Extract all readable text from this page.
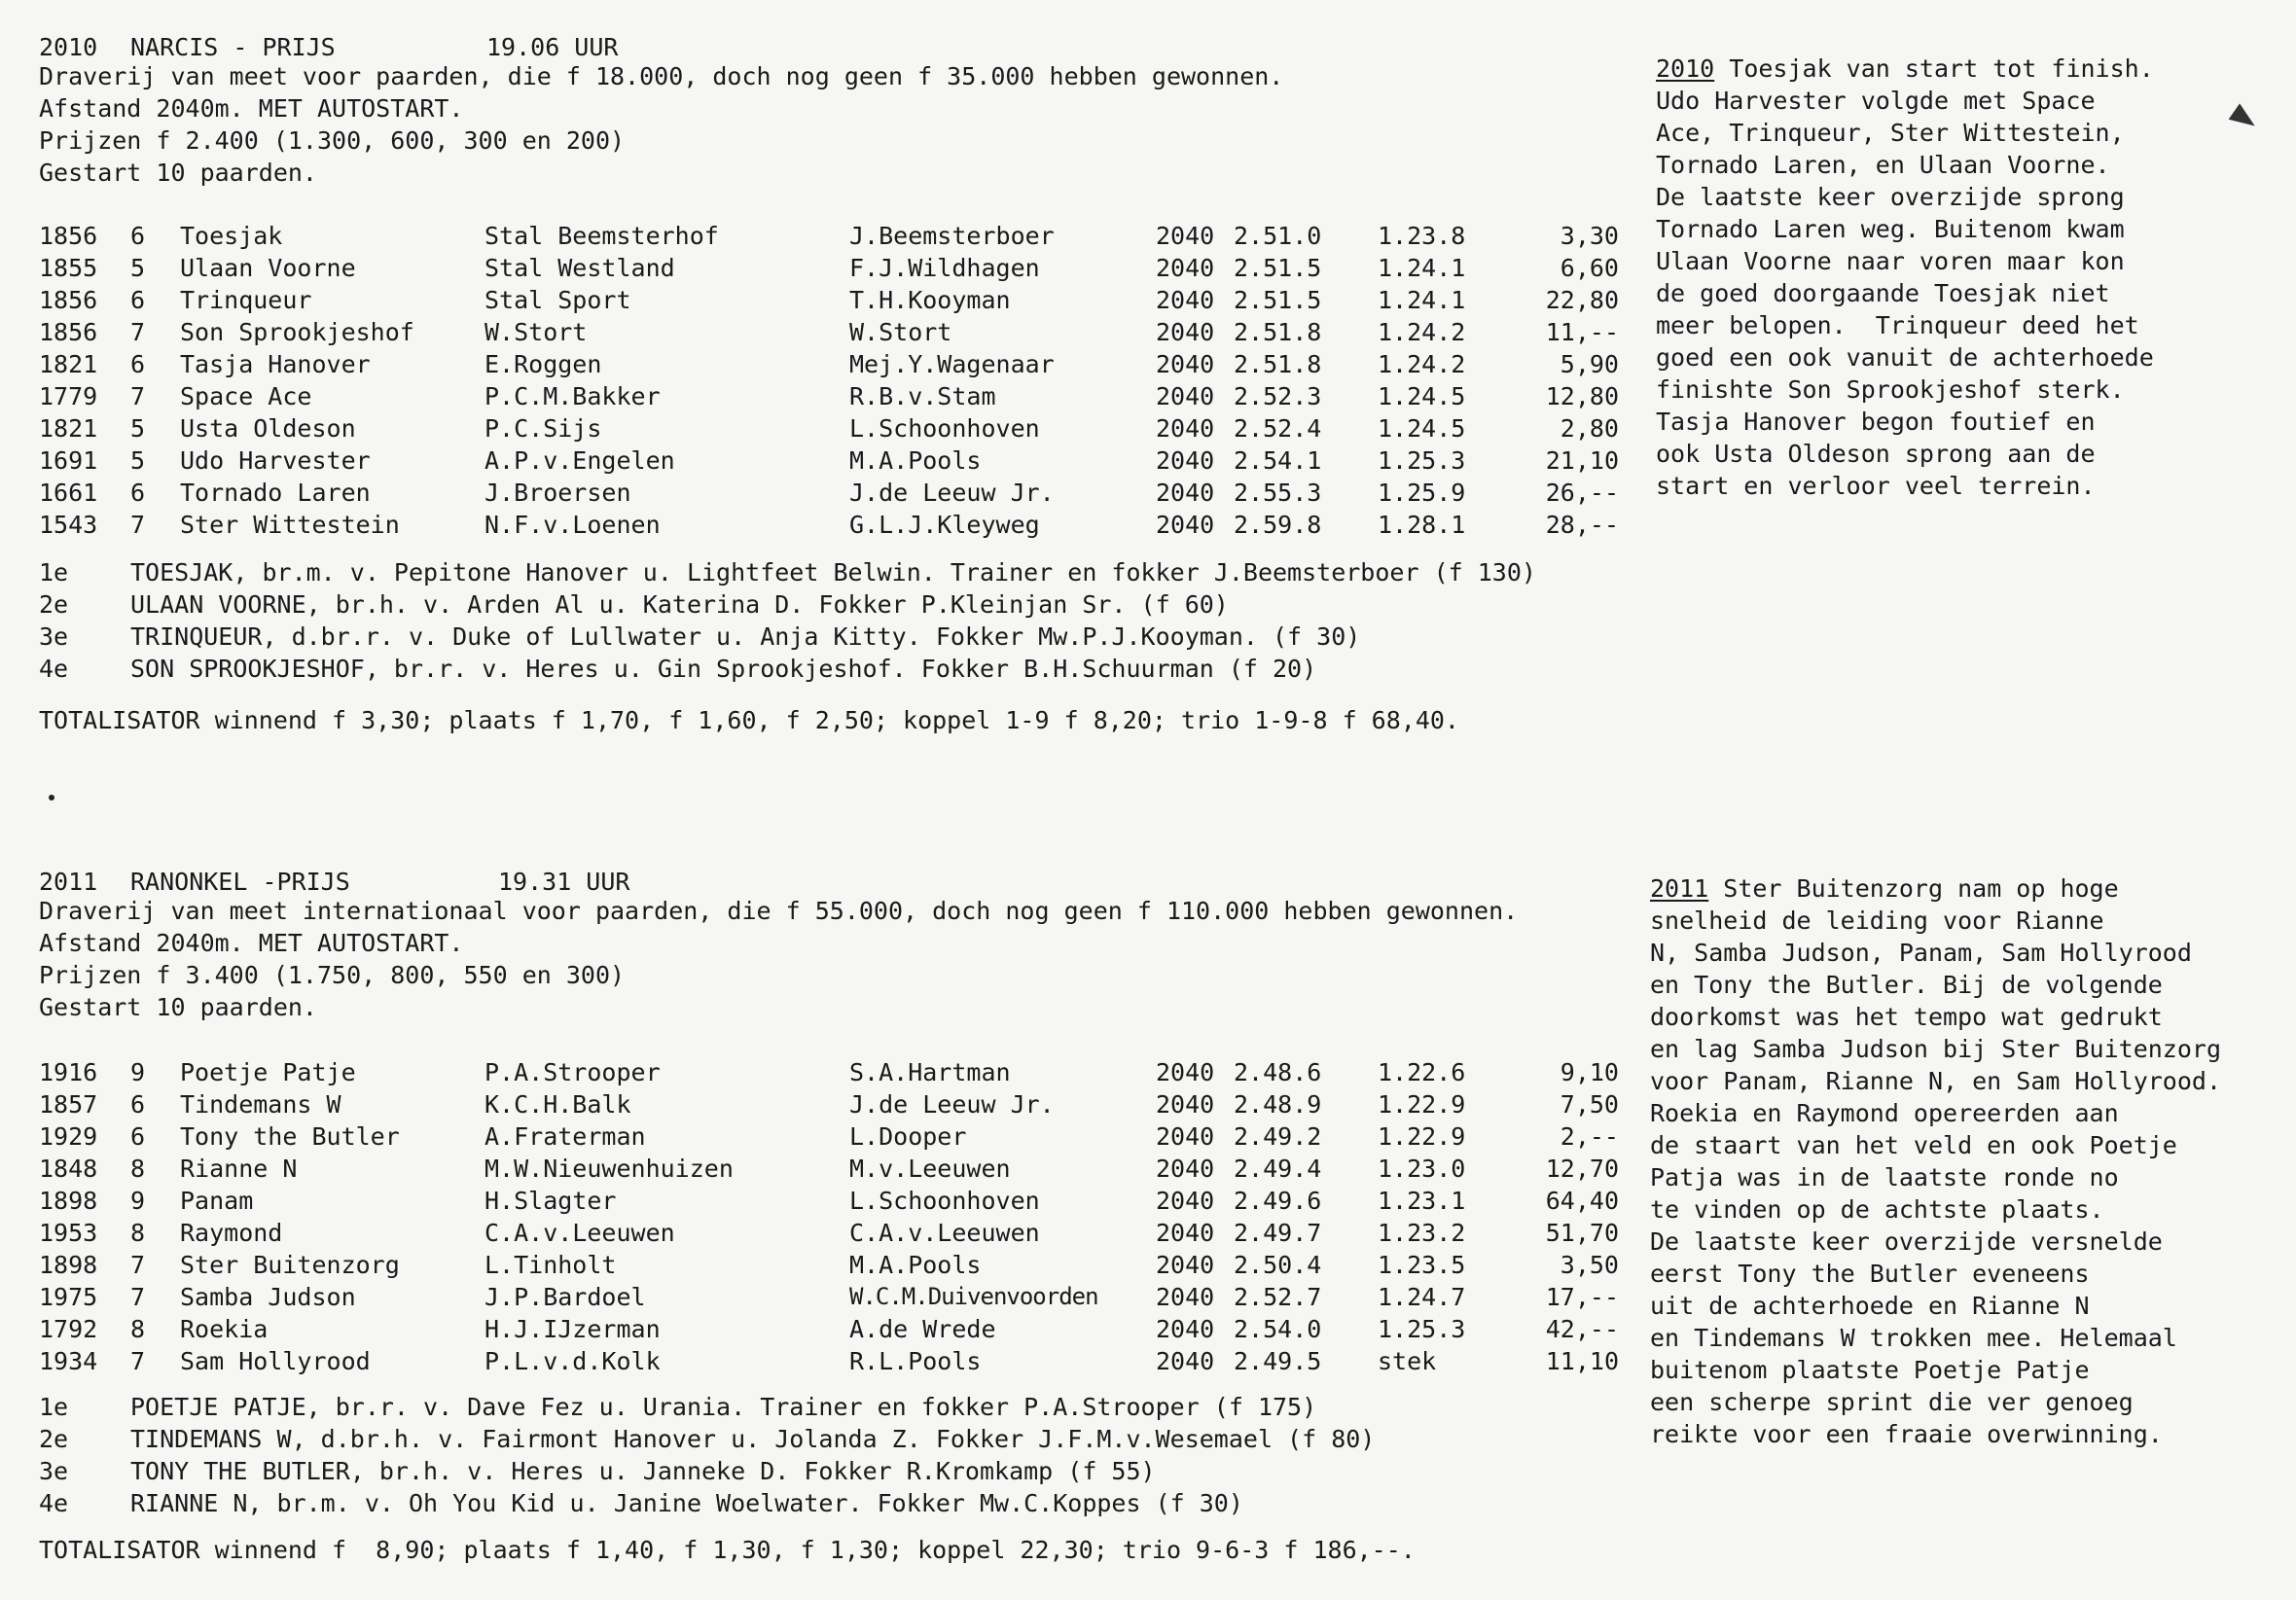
2010 NARCIS - PRIJS	19.06 UUR

Draverij van meet voor paarden, die f 18.000, doch nog geen f 35.000 hebben gewonnen.

Afstand 2040m. MET AUTOSTART.

Prijzen f 2.400 (1.300, 600, 300 en 200)

Gestart 10 paarden.

1856 6 Toesjak	Stal Beemsterhof	J.Beemsterboer	2040 2.51.0 1.23.8	3,30
1855 5 Ulaan Voorne	Stal Westland	F.J.Wildhagen	2040 2.51.5 1.24.1	6,60
1856 6 Trinqueur	Stal Sport	T.H.Kooyman	2040 2.51.5 1.24.1	22,80
1856 7 Son Sprookjeshof	W.Stort	W.Stort	2040 2.51.8 1.24.2	11,--
1821 6 Tasja Hanover	E.Roggen	Mej.Y.Wagenaar	2040 2.51.8 1.24.2	5,90
1779 7 Space Ace	P.C.M.Bakker	R.B.v.Stam	2040 2.52.3 1.24.5	12,80
1821 5 Usta Oldeson	P.C.Sijs	L.Schoonhoven	2040 2.52.4 1.24.5	2,80
1691 5 Udo Harvester	A.P.v.Engelen	M.A.Pools	2040 2.54.1 1.25.3	21,10
1661 6 Tornado Laren	J.Broersen	J.de Leeuw Jr.	2040 2.55.3 1.25.9	26,--
1543 7 Ster Wittestein	N.F.v.Loenen	G.L.J.Kleyweg	2040 2.59.8 1.28.1	28,--

1e	TOESJAK, br.m. v. Pepitone Hanover u. Lightfeet Belwin. Trainer en fokker J.Beemsterboer (f 130)

2e	ULAAN VOORNE, br.h. v. Arden Al u. Katerina D. Fokker P.Kleinjan Sr. (f 60)

3e	TRINQUEUR, d.br.r. v. Duke of Lullwater u. Anja Kitty. Fokker Mw.P.J.Kooyman. (f 30)

4e	SON SPROOKJESHOF, br.r. v. Heres u. Gin Sprookjeshof. Fokker B.H.Schuurman (f 20)

TOTALISATOR winnend f 3,30; plaats f 1,70, f 1,60, f 2,50; koppel 1-9 f 8,20; trio 1-9-8 f 68,40.

2010 Toesjak van start tot finish.

Udo Harvester volgde met Space

Ace, Trinqueur, Ster Wittestein,

Tornado Laren, en Ulaan Voorne.

De laatste keer overzijde sprong

Tornado Laren weg. Buitenom kwam

Ulaan Voorne naar voren maar kon

de goed doorgaande Toesjak niet

meer belopen.  Trinqueur deed het

goed een ook vanuit de achterhoede

finishte Son Sprookjeshof sterk.

Tasja Hanover begon foutief en

ook Usta Oldeson sprong aan de

start en verloor veel terrein.

2011 RANONKEL -PRIJS	19.31 UUR

Draverij van meet internationaal voor paarden, die f 55.000, doch nog geen f 110.000 hebben gewonnen.

Afstand 2040m. MET AUTOSTART.

Prijzen f 3.400 (1.750, 800, 550 en 300)

Gestart 10 paarden.

1916 9 Poetje Patje	P.A.Strooper	S.A.Hartman	2040 2.48.6 1.22.6	9,10
1857 6 Tindemans W	K.C.H.Balk	J.de Leeuw Jr.	2040 2.48.9 1.22.9	7,50
1929 6 Tony the Butler	A.Fraterman	L.Dooper	2040 2.49.2 1.22.9	2,--
1848 8 Rianne N	M.W.Nieuwenhuizen	M.v.Leeuwen	2040 2.49.4 1.23.0	12,70
1898 9 Panam	H.Slagter	L.Schoonhoven	2040 2.49.6 1.23.1	64,40
1953 8 Raymond	C.A.v.Leeuwen	C.A.v.Leeuwen	2040 2.49.7 1.23.2	51,70
1898 7 Ster Buitenzorg	L.Tinholt	M.A.Pools	2040 2.50.4 1.23.5	3,50
1975 7 Samba Judson	J.P.Bardoel	W.C.M.Duivenvoorden 2040 2.52.7 1.24.7	17,--
1792 8 Roekia	H.J.IJzerman	A.de Wrede	2040 2.54.0 1.25.3	42,--
1934 7 Sam Hollyrood	P.L.v.d.Kolk	R.L.Pools	2040 2.49.5 stek	11,10

1e	POETJE PATJE, br.r. v. Dave Fez u. Urania. Trainer en fokker P.A.Strooper (f 175)

2e	TINDEMANS W, d.br.h. v. Fairmont Hanover u. Jolanda Z. Fokker J.F.M.v.Wesemael (f 80)

3e	TONY THE BUTLER, br.h. v. Heres u. Janneke D. Fokker R.Kromkamp (f 55)

4e	RIANNE N, br.m. v. Oh You Kid u. Janine Woelwater. Fokker Mw.C.Koppes (f 30)

TOTALISATOR winnend f  8,90; plaats f 1,40, f 1,30, f 1,30; koppel 22,30; trio 9-6-3 f 186,--.

2011 Ster Buitenzorg nam op hoge

snelheid de leiding voor Rianne

N, Samba Judson, Panam, Sam Hollyrood

en Tony the Butler. Bij de volgende

doorkomst was het tempo wat gedrukt

en lag Samba Judson bij Ster Buitenzorg

voor Panam, Rianne N, en Sam Hollyrood.

Roekia en Raymond opereerden aan

de staart van het veld en ook Poetje

Patja was in de laatste ronde no

te vinden op de achtste plaats.

De laatste keer overzijde versnelde

eerst Tony the Butler eveneens

uit de achterhoede en Rianne N

en Tindemans W trokken mee. Helemaal

buitenom plaatste Poetje Patje

een scherpe sprint die ver genoeg

reikte voor een fraaie overwinning.
